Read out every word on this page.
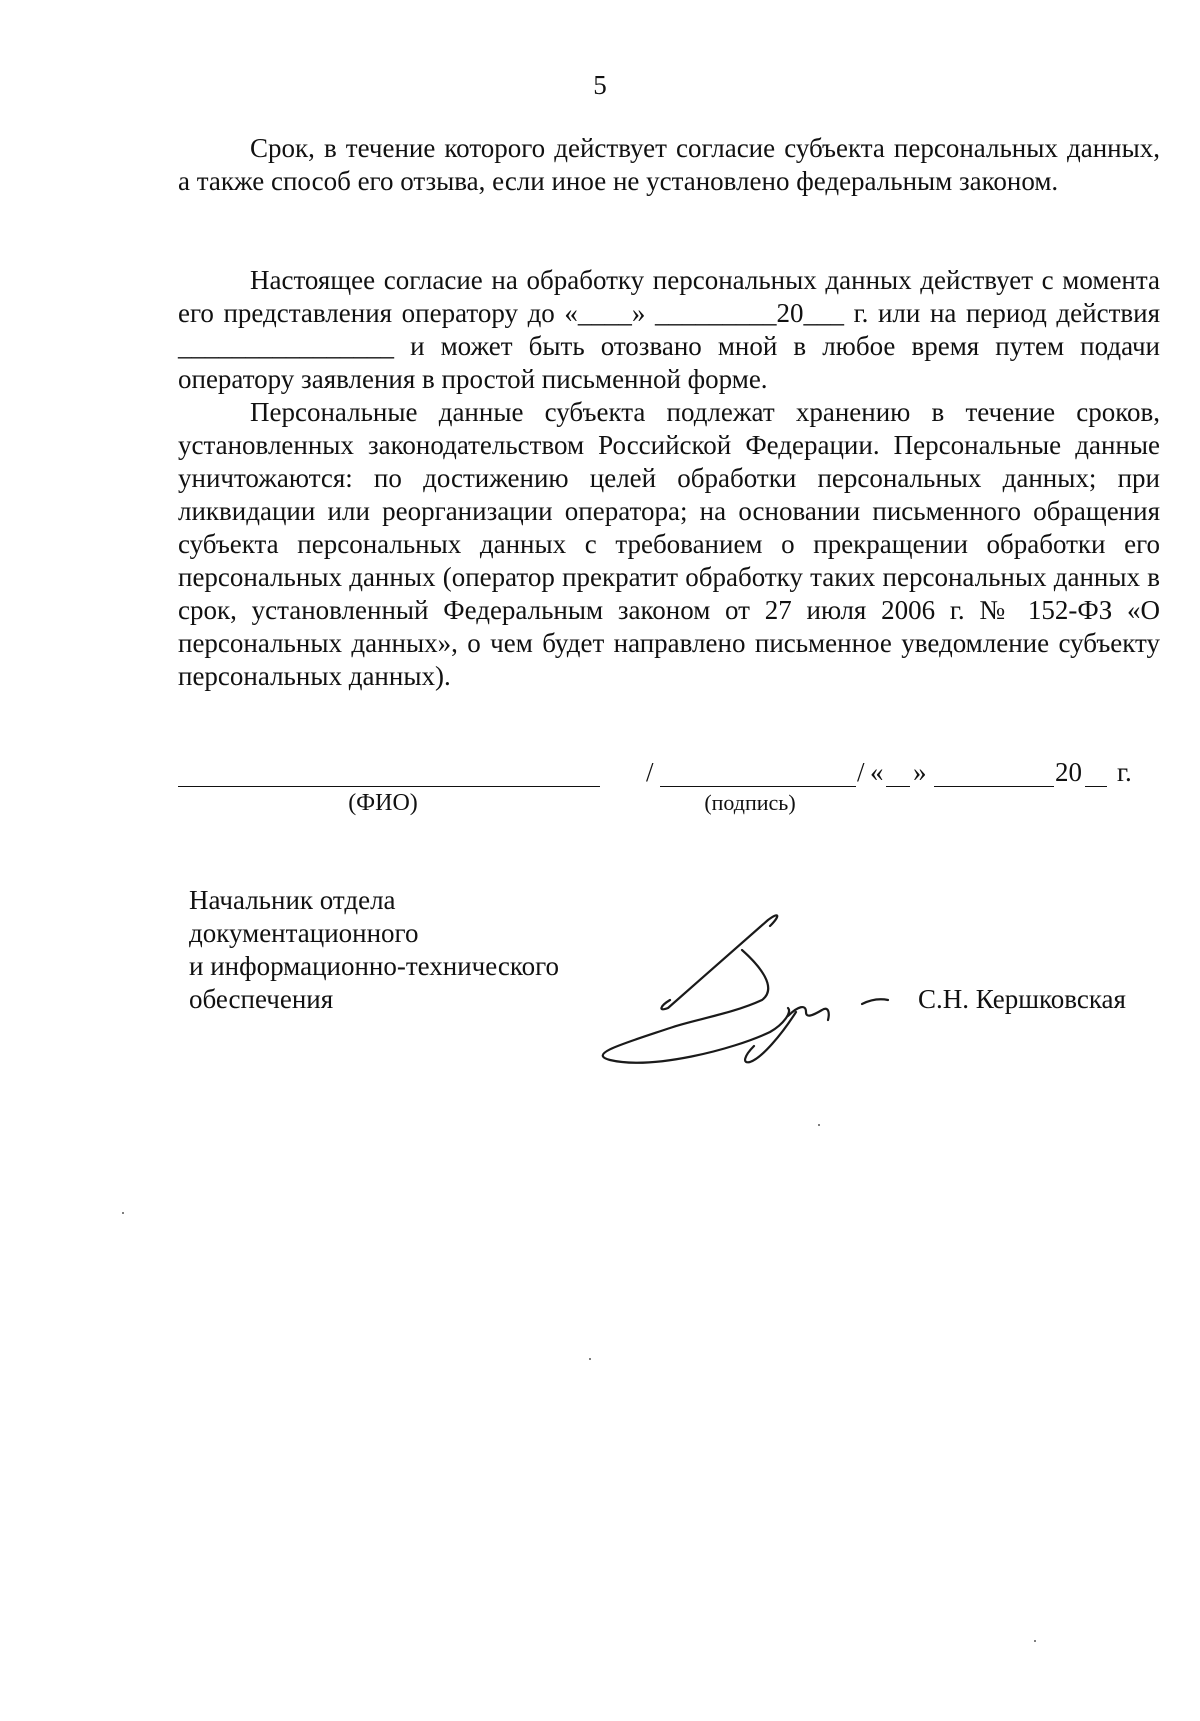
5
Срок, в течение которого действует согласие субъекта персональных данных, а также способ его отзыва, если иное не установлено федеральным законом.
Настоящее согласие на обработку персональных данных действует с момента его представления оператору до «____» _________20___ г. или на период действия ________________ и может быть отозвано мной в любое время путем подачи оператору заявления в простой письменной форме.
Персональные данные субъекта подлежат хранению в течение сроков, установленных законодательством Российской Федерации. Персональные данные уничтожаются: по достижению целей обработки персональных данных; при ликвидации или реорганизации оператора; на основании письменного обращения субъекта персональных данных с требованием о прекращении обработки его персональных данных (оператор прекратит обработку таких персональных данных в срок, установленный Федеральным законом от 27 июля 2006 г. № 152-ФЗ «О персональных данных», о чем будет направлено письменное уведомление субъекту персональных данных).
(ФИО)
/	/
(подпись)
« »	20 г.
Начальник отдела
документационного
и информационно-технического
обеспечения	С.Н. Кершковская
